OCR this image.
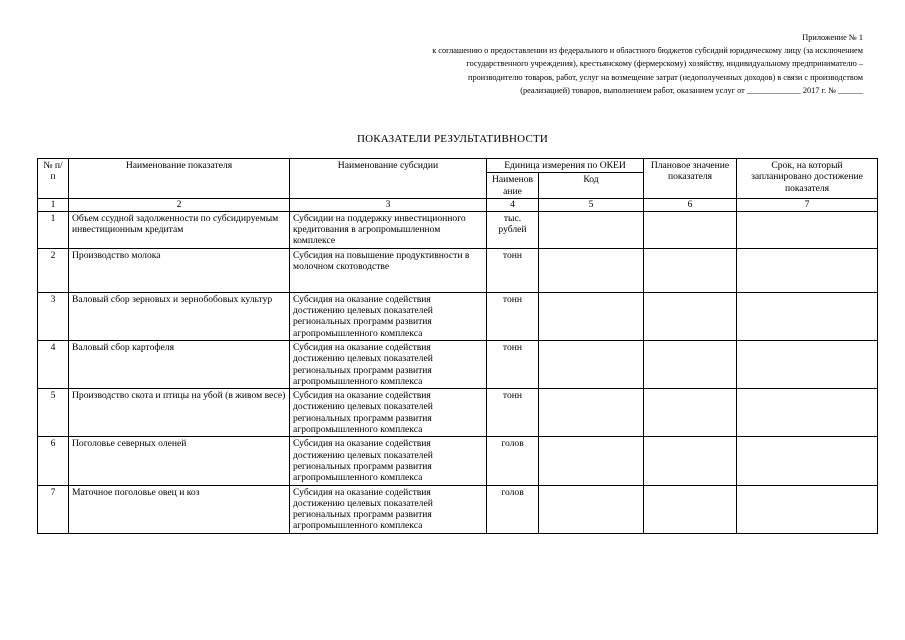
Приложение № 1
к соглашению о предоставлении из федерального и областного бюджетов субсидий юридическому лицу (за исключением
государственного учреждения), крестьянскому (фермерскому) хозяйству, индивидуальному предпринимателю –
производителю товаров, работ, услуг на возмещение затрат (недополученных доходов) в связи с производством
(реализацией) товаров, выполнением работ, оказанием услуг от _____________ 2017 г. № ______
ПОКАЗАТЕЛИ РЕЗУЛЬТАТИВНОСТИ
№ п/п	Наименование показателя	Наименование субсидии	Единица измерения по ОКЕИ		Плановое значение показателя	Срок, на который запланировано достижение показателя
			Наименование	Код		
1	2	3	4	5	6	7
1	Объем ссудной задолженности по субсидируемым инвестиционным кредитам	Субсидии на поддержку инвестиционного кредитования в агропромышленном комплексе	тыс. рублей			
2	Производство молока	Субсидия на повышение продуктивности в молочном скотоводстве	тонн			
3	Валовый сбор зерновых и зернобобовых культур	Субсидия на оказание содействия достижению целевых показателей региональных программ развития агропромышленного комплекса	тонн			
4	Валовый сбор картофеля	Субсидия на оказание содействия достижению целевых показателей региональных программ развития агропромышленного комплекса	тонн			
5	Производство скота и птицы на убой (в живом весе)	Субсидия на оказание содействия достижению целевых показателей региональных программ развития агропромышленного комплекса	тонн			
6	Поголовье северных оленей	Субсидия на оказание содействия достижению целевых показателей региональных программ развития агропромышленного комплекса	голов			
7	Маточное поголовье овец и коз	Субсидия на оказание содействия достижению целевых показателей региональных программ развития агропромышленного комплекса	голов			
